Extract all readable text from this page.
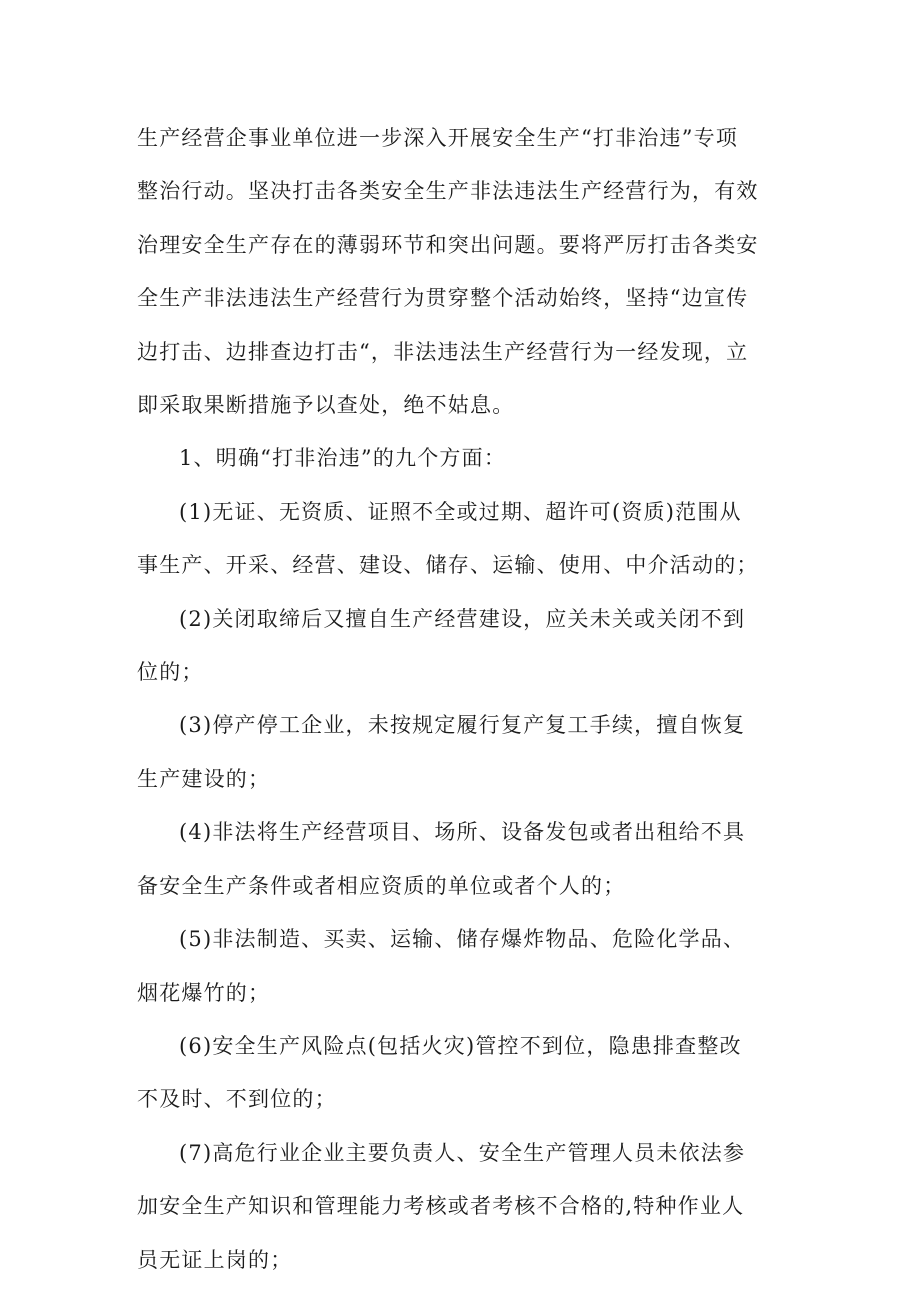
生产经营企事业单位进一步深入开展安全生产“打非治违”专项
整治行动。坚决打击各类安全生产非法违法生产经营行为，有效
治理安全生产存在的薄弱环节和突出问题。要将严厉打击各类安
全生产非法违法生产经营行为贯穿整个活动始终，坚持“边宣传
边打击、边排查边打击“，非法违法生产经营行为一经发现，立
即采取果断措施予以查处，绝不姑息。

1、明确“打非治违”的九个方面：

(1)无证、无资质、证照不全或过期、超许可(资质)范围从
事生产、开采、经营、建设、储存、运输、使用、中介活动的；

(2)关闭取缔后又擅自生产经营建设，应关未关或关闭不到
位的；

(3)停产停工企业，未按规定履行复产复工手续，擅自恢复
生产建设的；

(4)非法将生产经营项目、场所、设备发包或者出租给不具
备安全生产条件或者相应资质的单位或者个人的；

(5)非法制造、买卖、运输、储存爆炸物品、危险化学品、
烟花爆竹的；

(6)安全生产风险点(包括火灾)管控不到位，隐患排查整改
不及时、不到位的；

(7)高危行业企业主要负责人、安全生产管理人员未依法参
加安全生产知识和管理能力考核或者考核不合格的,特种作业人
员无证上岗的；
